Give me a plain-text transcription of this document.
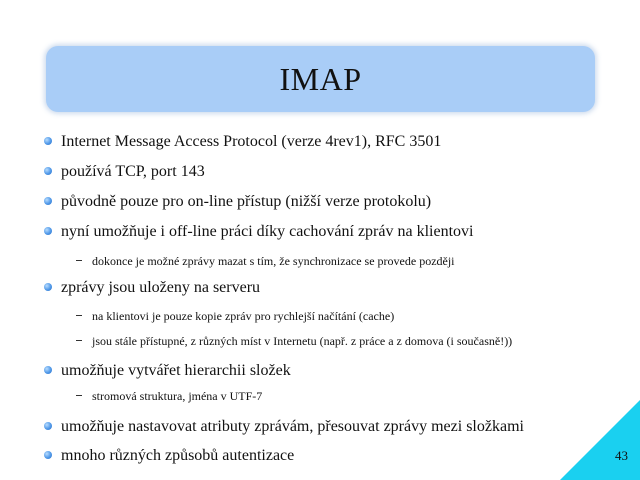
IMAP
Internet Message Access Protocol (verze 4rev1), RFC 3501
používá TCP, port 143
původně pouze pro on-line přístup (nižší verze protokolu)
nyní umožňuje i off-line práci díky cachování zpráv na klientovi
dokonce je možné zprávy mazat s tím, že synchronizace se provede později
zprávy jsou uloženy na serveru
na klientovi je pouze kopie zpráv pro rychlejší načítání (cache)
jsou stále přístupné, z různých míst v Internetu (např. z práce a z domova (i současně!))
umožňuje vytvářet hierarchii složek
stromová struktura, jména v UTF-7
umožňuje nastavovat atributy zprávám, přesouvat zprávy mezi složkami
mnoho různých způsobů autentizace	43
